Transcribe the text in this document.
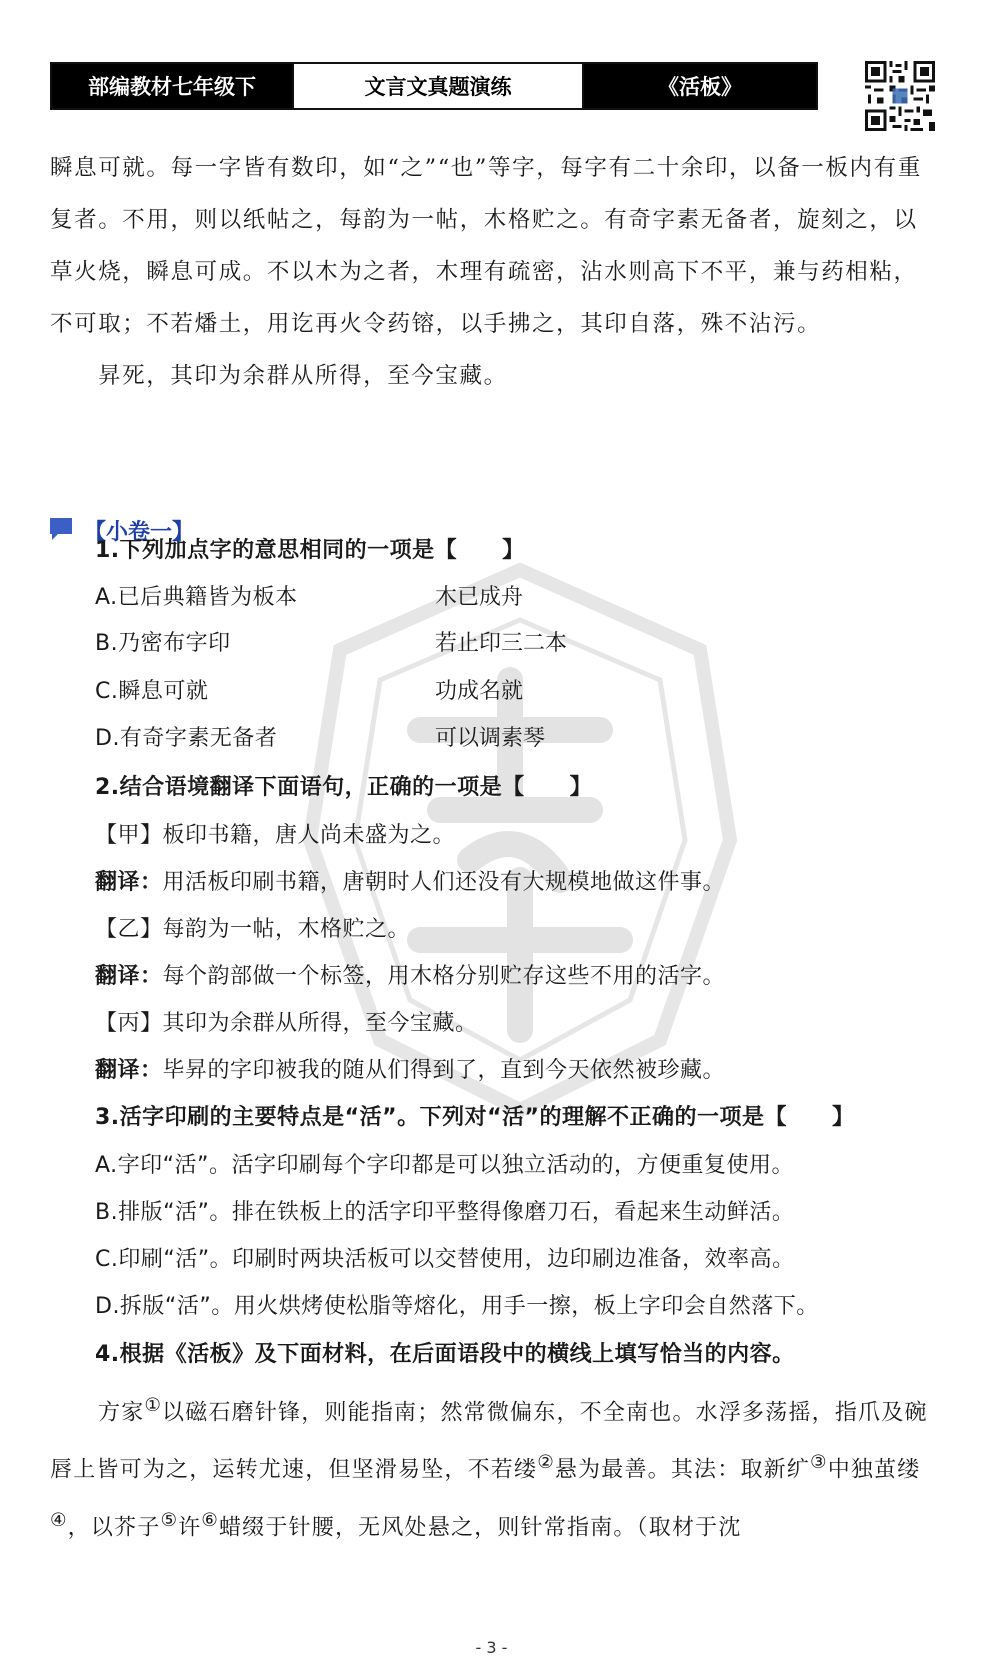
部编教材七年级下	文言文真题演练	《活板》

瞬息可就。每一字皆有数印，如“之”“也”等字，每字有二十余印，以备一板内有重复者。不用，则以纸帖之，每韵为一帖，木格贮之。有奇字素无备者，旋刻之，以草火烧，瞬息可成。不以木为之者，木理有疏密，沾水则高下不平，兼与药相粘，不可取；不若燔土，用讫再火令药镕，以手拂之，其印自落，殊不沾污。

昇死，其印为余群从所得，至今宝藏。

【小卷一】
1.下列加点字的意思相同的一项是【　　】
A.已后典籍皆为板本	木已成舟
B.乃密布字印	若止印三二本
C.瞬息可就	功成名就
D.有奇字素无备者	可以调素琴
2.结合语境翻译下面语句，正确的一项是【　　】
【甲】板印书籍，唐人尚未盛为之。
翻译：用活板印刷书籍，唐朝时人们还没有大规模地做这件事。
【乙】每韵为一帖，木格贮之。
翻译：每个韵部做一个标签，用木格分别贮存这些不用的活字。
【丙】其印为余群从所得，至今宝藏。
翻译：毕昇的字印被我的随从们得到了，直到今天依然被珍藏。
3.活字印刷的主要特点是“活”。下列对“活”的理解不正确的一项是【　　】
A.字印“活”。活字印刷每个字印都是可以独立活动的，方便重复使用。
B.排版“活”。排在铁板上的活字印平整得像磨刀石，看起来生动鲜活。
C.印刷“活”。印刷时两块活板可以交替使用，边印刷边准备，效率高。
D.拆版“活”。用火烘烤使松脂等熔化，用手一擦，板上字印会自然落下。
4.根据《活板》及下面材料，在后面语段中的横线上填写恰当的内容。

方家①以磁石磨针锋，则能指南；然常微偏东，不全南也。水浮多荡摇，指爪及碗唇上皆可为之，运转尤速，但坚滑易坠，不若缕②悬为最善。其法：取新纩③中独茧缕④，以芥子⑤许⑥蜡缀于针腰，无风处悬之，则针常指南。（取材于沈

- 3 -
